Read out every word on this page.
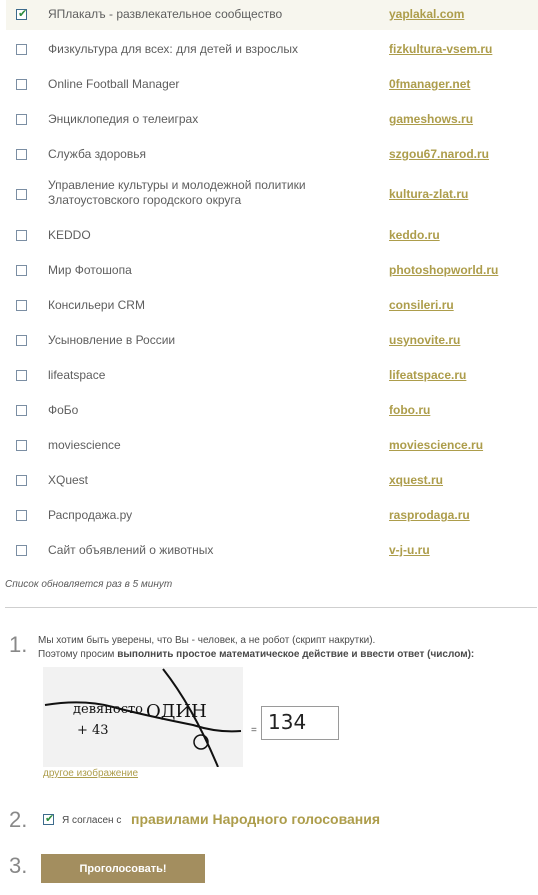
✔ ЯПлакалъ - развлекательное сообщество	yaplakal.com
Физкультура для всех: для детей и взрослых	fizkultura-vsem.ru
Online Football Manager	0fmanager.net
Энциклопедия о телеиграх	gameshows.ru
Служба здоровья	szgou67.narod.ru
Управление культуры и молодежной политики Златоустовского городского округа	kultura-zlat.ru
KEDDO	keddo.ru
Мир Фотошопа	photoshopworld.ru
Консильери CRM	consileri.ru
Усыновление в России	usynovite.ru
lifeatspace	lifeatspace.ru
ФоБо	fobo.ru
moviescience	moviescience.ru
XQuest	xquest.ru
Распродажа.ру	rasprodaga.ru
Сайт объявлений о животных	v-j-u.ru
Список обновляется раз в 5 минут
1. Мы хотим быть уверены, что Вы - человек, а не робот (скрипт накрутки).
Поэтому просим выполнить простое математическое действие и ввести ответ (числом):
девяносто ОДИН
+ 43	= 134
другое изображение
2. ✔ Я согласен с правилами Народного голосования
3.	Проголосовать!
